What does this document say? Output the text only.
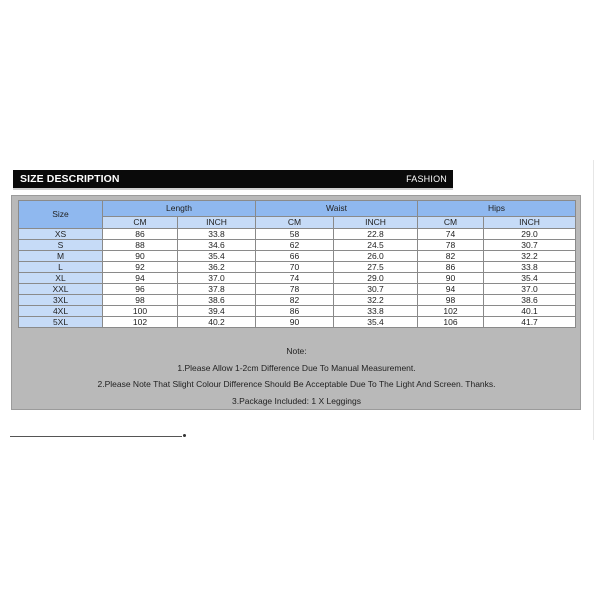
SIZE DESCRIPTION	FASHION
Size	Length		Waist		Hips	
	CM	INCH	CM	INCH	CM	INCH
XS	86	33.8	58	22.8	74	29.0
S	88	34.6	62	24.5	78	30.7
M	90	35.4	66	26.0	82	32.2
L	92	36.2	70	27.5	86	33.8
XL	94	37.0	74	29.0	90	35.4
XXL	96	37.8	78	30.7	94	37.0
3XL	98	38.6	82	32.2	98	38.6
4XL	100	39.4	86	33.8	102	40.1
5XL	102	40.2	90	35.4	106	41.7
Note:
1.Please Allow 1-2cm Difference Due To Manual Measurement.
2.Please Note That Slight Colour Difference Should Be Acceptable Due To The Light And Screen. Thanks.
3.Package Included: 1 X Leggings
